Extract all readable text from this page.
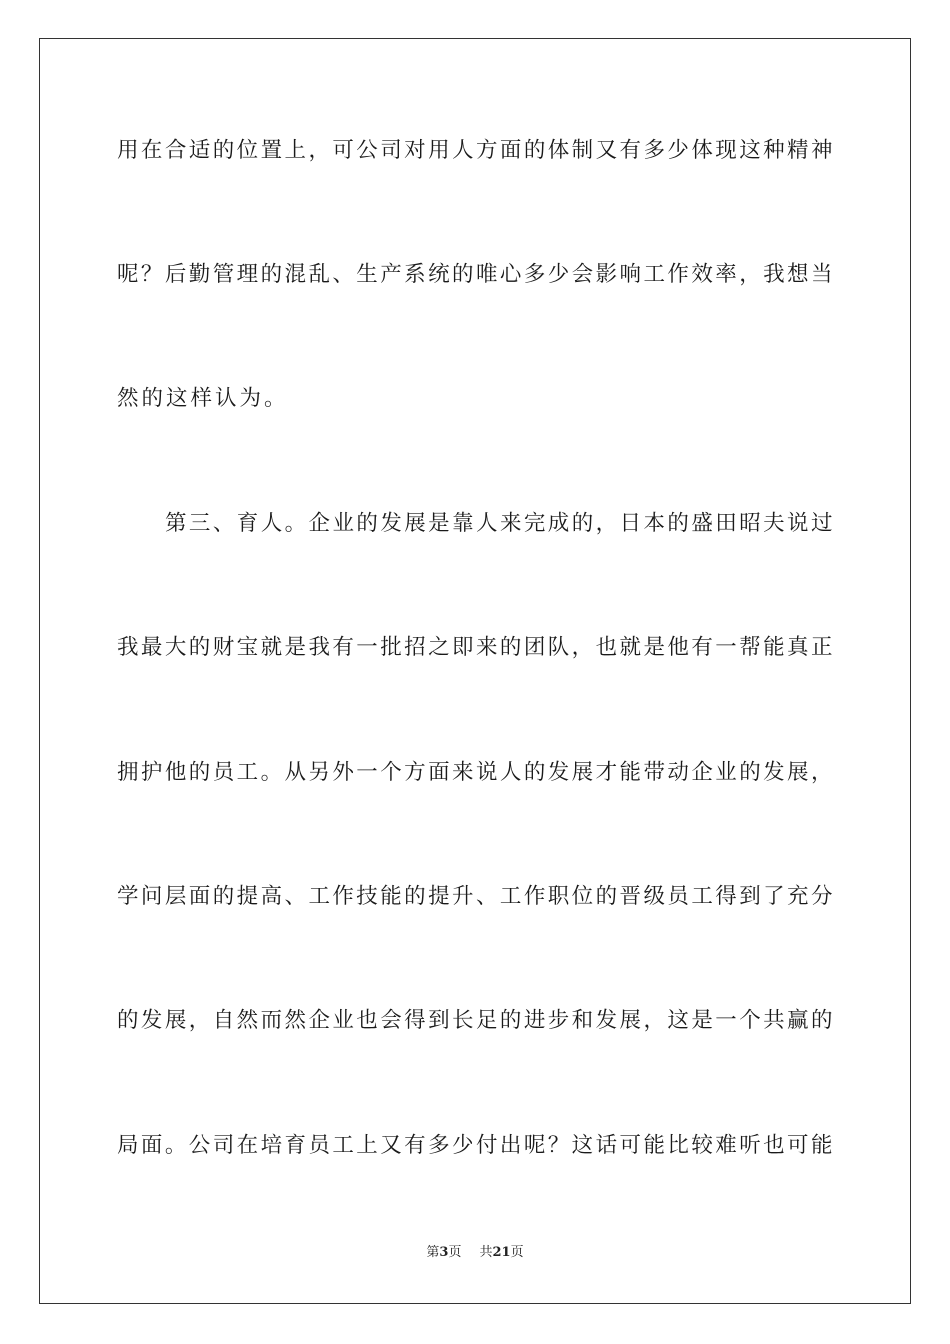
用在合适的位置上，可公司对用人方面的体制又有多少体现这种精神
呢？后勤管理的混乱、生产系统的唯心多少会影响工作效率，我想当
然的这样认为。
第三、育人。企业的发展是靠人来完成的，日本的盛田昭夫说过
我最大的财宝就是我有一批招之即来的团队，也就是他有一帮能真正
拥护他的员工。从另外一个方面来说人的发展才能带动企业的发展，
学问层面的提高、工作技能的提升、工作职位的晋级员工得到了充分
的发展，自然而然企业也会得到长足的进步和发展，这是一个共赢的
局面。公司在培育员工上又有多少付出呢？这话可能比较难听也可能
第3页 共21页
